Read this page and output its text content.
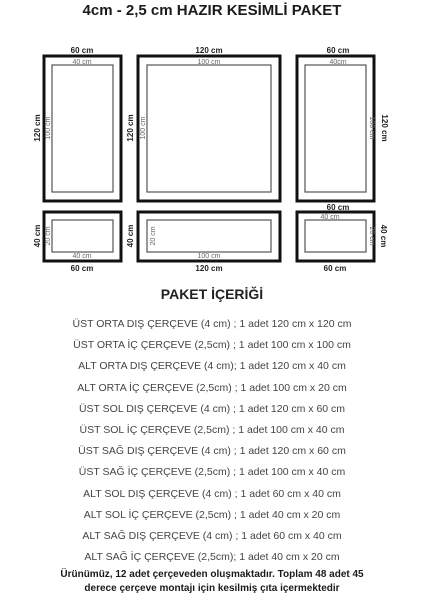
4cm - 2,5 cm HAZIR KESİMLİ PAKET
60 cm
40 cm
120 cm 100 cm
120 cm
100 cm
120 cm 100 cm
60 cm
40cm
120 cm
100 cm
60 cm
40 cm
60 cm
40 cm 20 cm
100 cm
120 cm
40 cm 20 cm
40 cm
60 cm
40 cm
20 cm
PAKET İÇERİĞİ
ÜST ORTA DIŞ ÇERÇEVE (4 cm) ; 1 adet 120 cm x 120 cm
ÜST ORTA İÇ ÇERÇEVE (2,5cm) ; 1 adet 100 cm x 100 cm
ALT ORTA DIŞ ÇERÇEVE (4 cm); 1 adet 120 cm x 40 cm
ALT ORTA İÇ ÇERÇEVE (2,5cm) ; 1 adet 100 cm x 20 cm
ÜST SOL DIŞ ÇERÇEVE (4 cm) ; 1 adet 120 cm x 60 cm
ÜST SOL İÇ ÇERÇEVE (2,5cm) ; 1 adet 100 cm x 40 cm
ÜST SAĞ DIŞ ÇERÇEVE (4 cm) ; 1 adet 120 cm x 60 cm
ÜST SAĞ İÇ ÇERÇEVE (2,5cm) ; 1 adet 100 cm x 40 cm
ALT SOL DIŞ ÇERÇEVE (4 cm) ; 1 adet 60 cm x 40 cm
ALT SOL İÇ ÇERÇEVE (2,5cm) ; 1 adet 40 cm x 20 cm
ALT SAĞ DIŞ ÇERÇEVE (4 cm) ; 1 adet 60 cm x 40 cm
ALT SAĞ İÇ ÇERÇEVE (2,5cm); 1 adet 40 cm x 20 cm
Ürünümüz, 12 adet çerçeveden oluşmaktadır. Toplam 48 adet 45
derece çerçeve montajı için kesilmiş çıta içermektedir
